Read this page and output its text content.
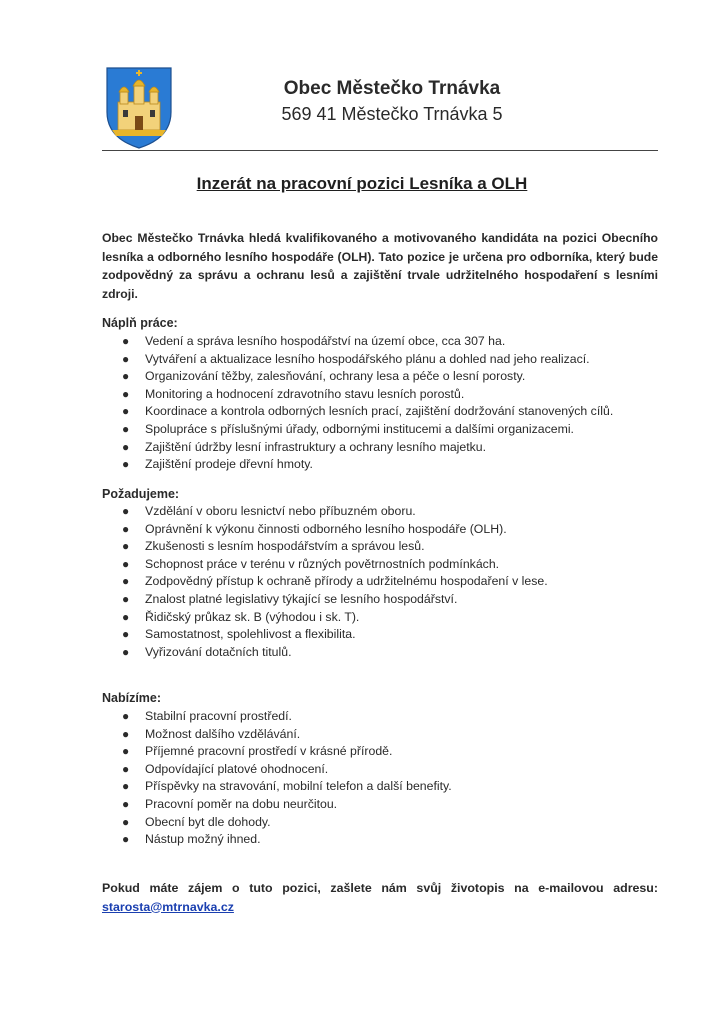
Obec Městečko Trnávka
569 41 Městečko Trnávka 5
Inzerát na pracovní pozici Lesníka a OLH
Obec Městečko Trnávka hledá kvalifikovaného a motivovaného kandidáta na pozici Obecního lesníka a odborného lesního hospodáře (OLH). Tato pozice je určena pro odborníka, který bude zodpovědný za správu a ochranu lesů a zajištění trvale udržitelného hospodaření s lesními zdroji.
Náplň práce:
● Vedení a správa lesního hospodářství na území obce, cca 307 ha.
● Vytváření a aktualizace lesního hospodářského plánu a dohled nad jeho realizací.
● Organizování těžby, zalesňování, ochrany lesa a péče o lesní porosty.
● Monitoring a hodnocení zdravotního stavu lesních porostů.
● Koordinace a kontrola odborných lesních prací, zajištění dodržování stanovených cílů.
● Spolupráce s příslušnými úřady, odbornými institucemi a dalšími organizacemi.
● Zajištění údržby lesní infrastruktury a ochrany lesního majetku.
● Zajištění prodeje dřevní hmoty.
Požadujeme:
● Vzdělání v oboru lesnictví nebo příbuzném oboru.
● Oprávnění k výkonu činnosti odborného lesního hospodáře (OLH).
● Zkušenosti s lesním hospodářstvím a správou lesů.
● Schopnost práce v terénu v různých povětrnostních podmínkách.
● Zodpovědný přístup k ochraně přírody a udržitelnému hospodaření v lese.
● Znalost platné legislativy týkající se lesního hospodářství.
● Řidičský průkaz sk. B (výhodou i sk. T).
● Samostatnost, spolehlivost a flexibilita.
● Vyřizování dotačních titulů.
Nabízíme:
● Stabilní pracovní prostředí.
● Možnost dalšího vzdělávání.
● Příjemné pracovní prostředí v krásné přírodě.
● Odpovídající platové ohodnocení.
● Příspěvky na stravování, mobilní telefon a další benefity.
● Pracovní poměr na dobu neurčitou.
● Obecní byt dle dohody.
● Nástup možný ihned.
Pokud máte zájem o tuto pozici, zašlete nám svůj životopis na e-mailovou adresu:
starosta@mtrnavka.cz
